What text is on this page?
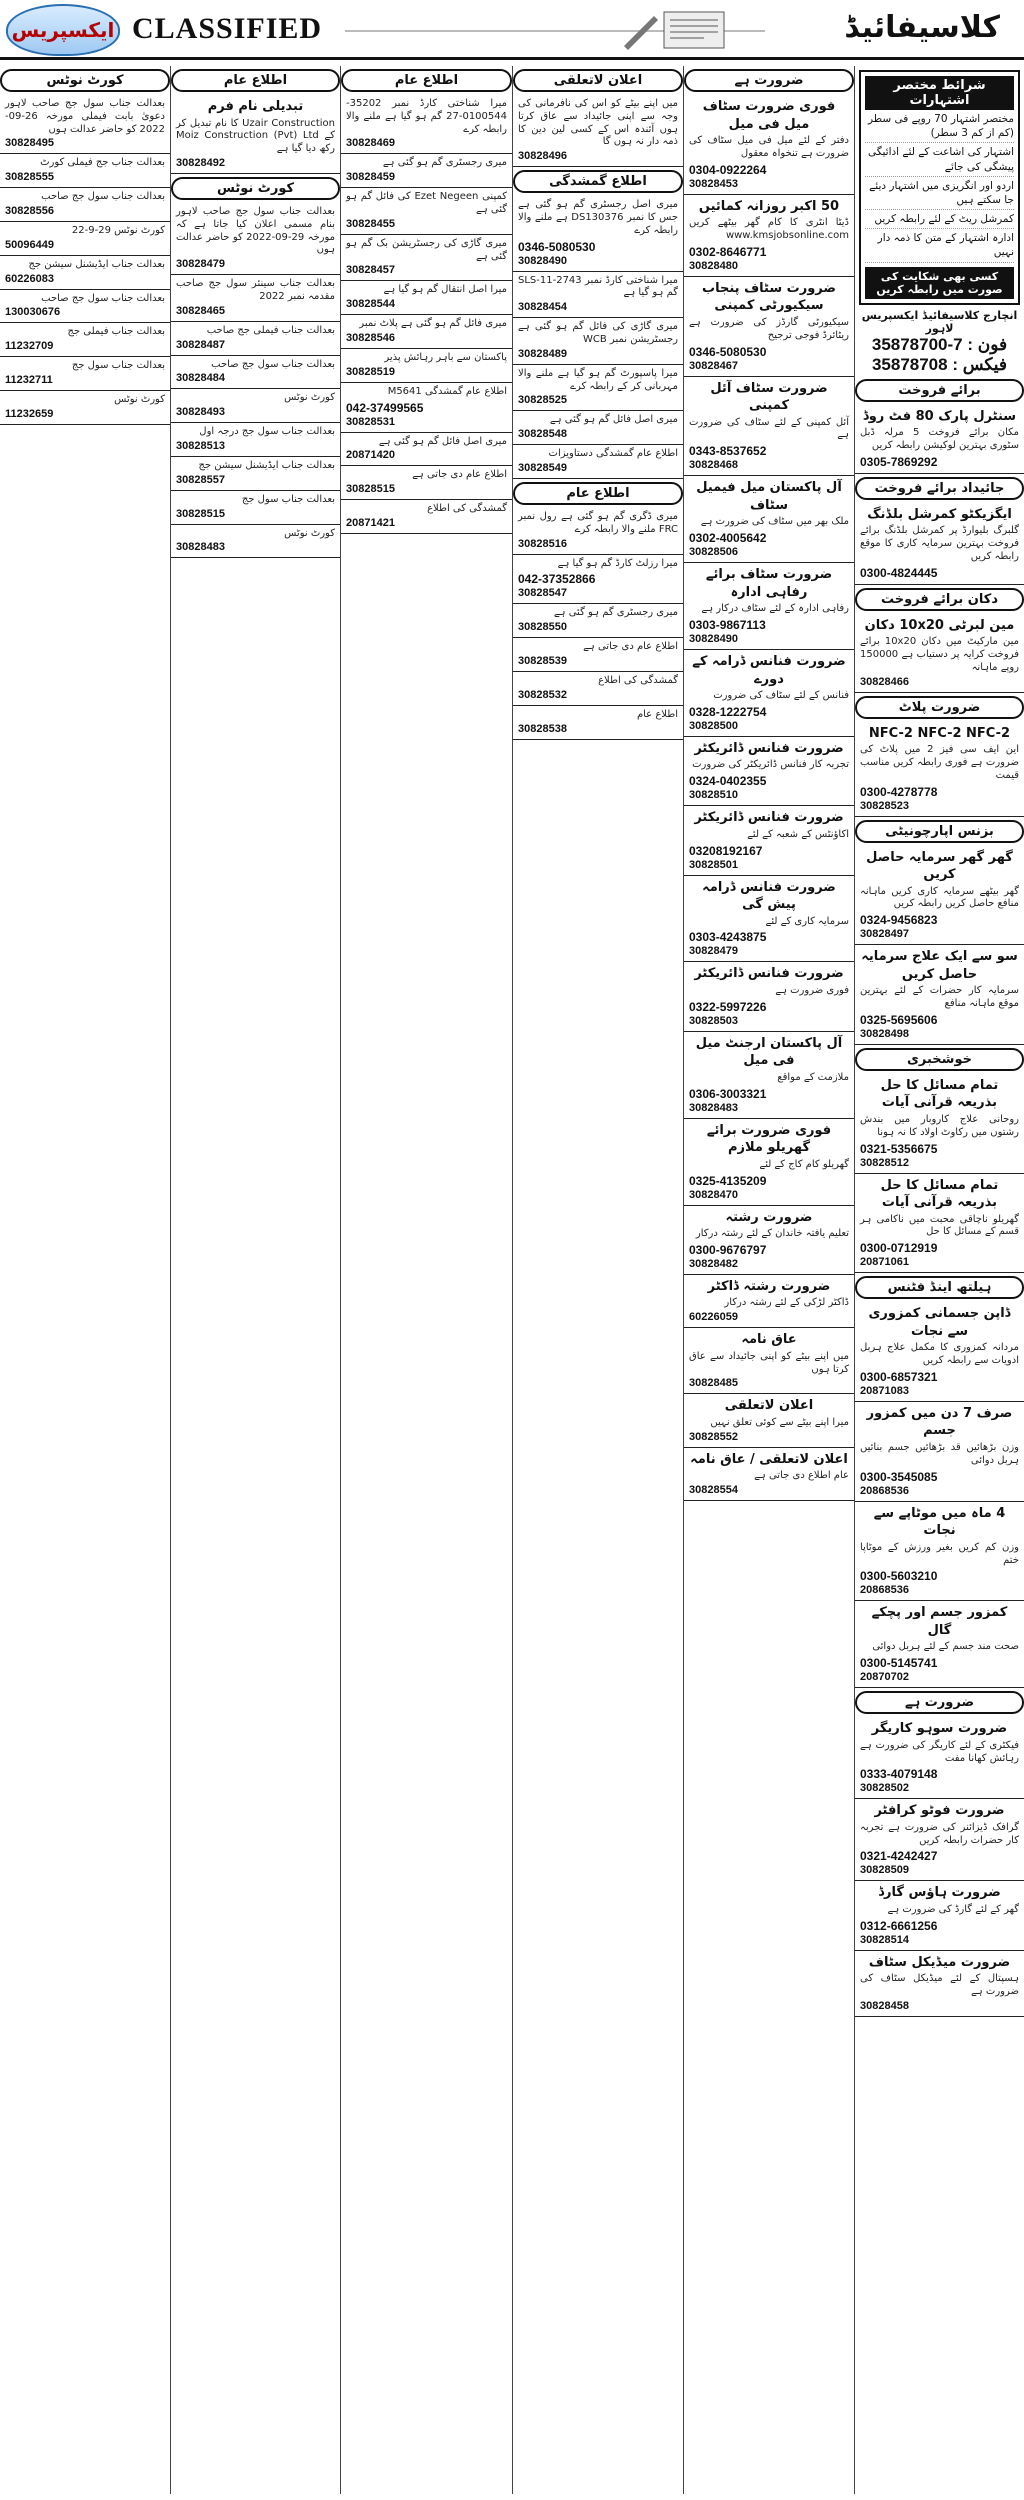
ایکسپریس CLASSIFIED	کلاسیفائیڈ
شرائط مختصر اشتہارات
مختصر اشتہار 70 روپے فی سطر (کم از کم 3 سطر)
اشتہار کی اشاعت کے لئے ادائیگی پیشگی کی جائے
اردو اور انگریزی میں اشتہار دیئے جا سکتے ہیں
کمرشل ریٹ کے لئے رابطہ کریں
ادارہ اشتہار کے متن کا ذمہ دار نہیں
کسی بھی شکایت کی صورت میں رابطہ کریں
انچارج کلاسیفائیڈ ایکسپریس لاہور
35878700-7 : فون
35878708 : فیکس
برائے فروخت
سنٹرل پارک 80 فٹ روڈ
مکان برائے فروخت 5 مرلہ ڈبل سٹوری بہترین لوکیشن رابطہ کریں
0305-7869292
جائیداد برائے فروخت
ایگزیکٹو کمرشل بلڈنگ
گلبرگ بلیوارڈ پر کمرشل بلڈنگ برائے فروخت بہترین سرمایہ کاری کا موقع رابطہ کریں
0300-4824445
دکان برائے فروخت
مین لبرٹی 10x20 دکان
مین مارکیٹ میں دکان 10x20 برائے فروخت کرایہ پر دستیاب ہے 150000 روپے ماہانہ
30828466
ضرورت پلاٹ
NFC-2 NFC-2 NFC-2
این ایف سی فیز 2 میں پلاٹ کی ضرورت ہے فوری رابطہ کریں مناسب قیمت
0300-4278778
30828523
بزنس اپارچونیٹی
گھر گھر سرمایہ حاصل کریں
گھر بیٹھے سرمایہ کاری کریں ماہانہ منافع حاصل کریں رابطہ کریں
0324-9456823
30828497
سو سے ایک علاج سرمایہ حاصل کریں
سرمایہ کار حضرات کے لئے بہترین موقع ماہانہ منافع
0325-5695606
30828498
خوشخبری
تمام مسائل کا حل بذریعہ قرآنی آیات
روحانی علاج کاروبار میں بندش رشتوں میں رکاوٹ اولاد کا نہ ہونا
0321-5356675
30828512
تمام مسائل کا حل بذریعہ قرآنی آیات
گھریلو ناچاقی محبت میں ناکامی ہر قسم کے مسائل کا حل
0300-0712919
20871061
ہیلتھ اینڈ فٹنس
ڈاپن جسمانی کمزوری سے نجات
مردانہ کمزوری کا مکمل علاج ہربل ادویات سے رابطہ کریں
0300-6857321
20871083
صرف 7 دن میں کمزور جسم
وزن بڑھائیں قد بڑھائیں جسم بنائیں ہربل دوائی
0300-3545085
20868536
4 ماہ میں موٹاپے سے نجات
وزن کم کریں بغیر ورزش کے موٹاپا ختم
0300-5603210
20868536
کمزور جسم اور پچکے گال
صحت مند جسم کے لئے ہربل دوائی
0300-5145741
20870702
ضرورت ہے
ضرورت سوہو کاریگر
فیکٹری کے لئے کاریگر کی ضرورت ہے رہائش کھانا مفت
0333-4079148
30828502
ضرورت فوٹو کرافٹر
گرافک ڈیزائنر کی ضرورت ہے تجربہ کار حضرات رابطہ کریں
0321-4242427
30828509
ضرورت ہاؤس گارڈ
گھر کے لئے گارڈ کی ضرورت ہے
0312-6661256
30828514
ضرورت میڈیکل سٹاف
ہسپتال کے لئے میڈیکل سٹاف کی ضرورت ہے
30828458
ضرورت ہے
فوری ضرورت سٹاف میل فی میل
دفتر کے لئے میل فی میل سٹاف کی ضرورت ہے تنخواہ معقول
0304-0922264
30828453
50 اکبر روزانہ کمائیں
ڈیٹا انٹری کا کام گھر بیٹھے کریں www.kmsjobsonline.com
0302-8646771
30828480
ضرورت سٹاف پنجاب سیکیورٹی کمپنی
سیکیورٹی گارڈز کی ضرورت ہے ریٹائرڈ فوجی ترجیح
0346-5080530
30828467
ضرورت سٹاف آئل کمپنی
آئل کمپنی کے لئے سٹاف کی ضرورت ہے
0343-8537652
30828468
آل پاکستان میل فیمیل سٹاف
ملک بھر میں سٹاف کی ضرورت ہے
0302-4005642
30828506
ضرورت سٹاف برائے رفاہی ادارہ
رفاہی ادارہ کے لئے سٹاف درکار ہے
0303-9867113
30828490
ضرورت فنانس ڈرامہ کے دورے
فنانس کے لئے سٹاف کی ضرورت
0328-1222754
30828500
ضرورت فنانس ڈائریکٹر
تجربہ کار فنانس ڈائریکٹر کی ضرورت
0324-0402355
30828510
ضرورت فنانس ڈائریکٹر
اکاؤنٹس کے شعبہ کے لئے
03208192167
30828501
ضرورت فنانس ڈرامہ پیش گی
سرمایہ کاری کے لئے
0303-4243875
30828479
ضرورت فنانس ڈائریکٹر
فوری ضرورت ہے
0322-5997226
30828503
آل پاکستان ارجنٹ میل فی میل
ملازمت کے مواقع
0306-3003321
30828483
فوری ضرورت برائے گھریلو ملازم
گھریلو کام کاج کے لئے
0325-4135209
30828470
ضرورت رشتہ
تعلیم یافتہ خاندان کے لئے رشتہ درکار
0300-9676797
30828482
ضرورت رشتہ ڈاکٹر
ڈاکٹر لڑکی کے لئے رشتہ درکار
60226059
عاق نامہ
میں اپنے بیٹے کو اپنی جائیداد سے عاق کرتا ہوں
30828485
اعلان لاتعلقی
میرا اپنے بیٹے سے کوئی تعلق نہیں
30828552
اعلان لاتعلقی / عاق نامہ
عام اطلاع دی جاتی ہے
30828554
اعلان لاتعلقی
میں اپنے بیٹے کو اس کی نافرمانی کی وجہ سے اپنی جائیداد سے عاق کرتا ہوں آئندہ اس کے کسی لین دین کا ذمہ دار نہ ہوں گا
30828496
اطلاع گمشدگی
میری اصل رجسٹری گم ہو گئی ہے جس کا نمبر DS130376 ہے ملنے والا رابطہ کرے
0346-5080530
30828490
میرا شناختی کارڈ نمبر SLS-11-2743 گم ہو گیا ہے
30828454
میری گاڑی کی فائل گم ہو گئی ہے رجسٹریشن نمبر WCB
30828489
میرا پاسپورٹ گم ہو گیا ہے ملنے والا مہربانی کر کے رابطہ کرے
30828525
میری اصل فائل گم ہو گئی ہے
30828548
اطلاع عام گمشدگی دستاویزات
30828549
اطلاع عام
میری ڈگری گم ہو گئی ہے رول نمبر FRC ملنے والا رابطہ کرے
30828516
میرا رزلٹ کارڈ گم ہو گیا ہے
042-37352866
30828547
میری رجسٹری گم ہو گئی ہے
30828550
اطلاع عام دی جاتی ہے
30828539
گمشدگی کی اطلاع
30828532
اطلاع عام
30828538
اطلاع عام
میرا شناختی کارڈ نمبر 35202-0100544-27 گم ہو گیا ہے ملنے والا رابطہ کرے
30828469
میری رجسٹری گم ہو گئی ہے
30828459
کمپنی Ezet Negeen کی فائل گم ہو گئی ہے
30828455
میری گاڑی کی رجسٹریشن بک گم ہو گئی ہے
30828457
میرا اصل انتقال گم ہو گیا ہے
30828544
میری فائل گم ہو گئی ہے پلاٹ نمبر
30828546
پاکستان سے باہر رہائش پذیر
30828519
اطلاع عام گمشدگی M5641
042-37499565
30828531
میری اصل فائل گم ہو گئی ہے
20871420
اطلاع عام دی جاتی ہے
30828515
گمشدگی کی اطلاع
20871421
اطلاع عام
تبدیلی نام فرم
Uzair Construction کا نام تبدیل کر کے Moiz Construction (Pvt) Ltd رکھ دیا گیا ہے
30828492
کورٹ نوٹس
بعدالت جناب سول جج صاحب لاہور بنام مسمی اعلان کیا جاتا ہے کہ مورخہ 29-09-2022 کو حاضر عدالت ہوں
30828479
بعدالت جناب سینئر سول جج صاحب مقدمہ نمبر 2022
30828465
بعدالت جناب فیملی جج صاحب
30828487
بعدالت جناب سول جج صاحب
30828484
کورٹ نوٹس
30828493
بعدالت جناب سول جج درجہ اول
30828513
بعدالت جناب ایڈیشنل سیشن جج
30828557
بعدالت جناب سول جج
30828515
کورٹ نوٹس
30828483
کورٹ نوٹس
بعدالت جناب سول جج صاحب لاہور دعویٰ بابت فیملی مورخہ 26-09-2022 کو حاضر عدالت ہوں
30828495
بعدالت جناب جج فیملی کورٹ
30828555
بعدالت جناب سول جج صاحب
30828556
کورٹ نوٹس 29-9-22
50096449
بعدالت جناب ایڈیشنل سیشن جج
60226083
بعدالت جناب سول جج صاحب
130030676
بعدالت جناب فیملی جج
11232709
بعدالت جناب سول جج
11232711
کورٹ نوٹس
11232659
